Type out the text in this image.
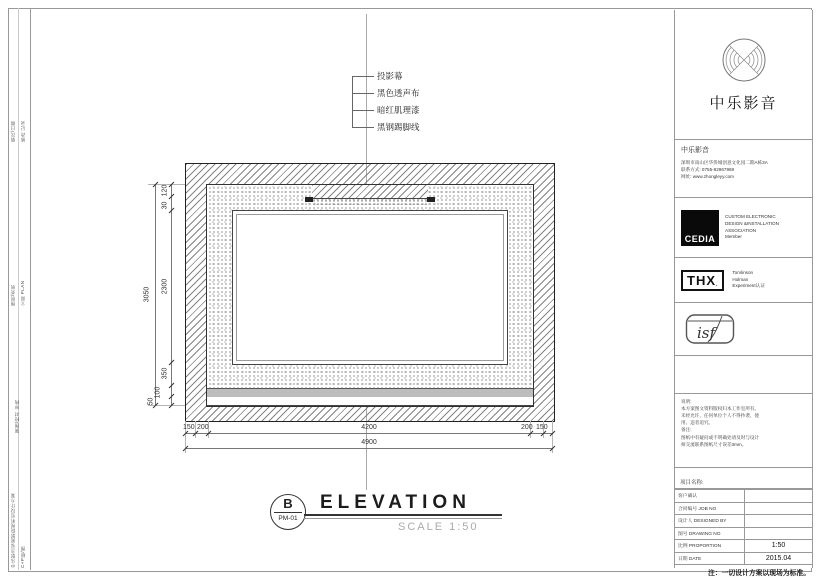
版次/日期 修改 记录
图别/类别 立面 PLAN
制图/校对 审核
中乐影音家庭影院视听室设计方案 C+P级/图
投影幕
黑色透声布
暗红肌理漆
黑钢踢脚线
3050
120
30
2300
350
100
50
150 200	4200	200 150
4900
B
PM-01
ELEVATION
SCALE 1:50
中乐影音
中乐影音
深圳市南山区华侨城创意文化园二期A栋3A
联系方式: 0755-82967969
网址: www.zhongleyy.com
CEDIA
CUSTOM ELECTRONIC
DESIGN &INSTALLATION
ASSOCIATION
Member
THX.
Tomlinson
Holman
Experiment认证
isf
说明:
本方案图文资料版权归本工作室所有。
未经允许、任何单位个人不得抄袭、使
用、违者追究。
备注:
图纸中有疑问或不明确处请及时与设计
师交流联系图纸尺寸误差3mm。
项目名称:
客户确认
合同编号 JOB NO
设计人 DESIGNED BY
图号 DRAWING NO
比例 PROPORTION	1:50
日期 DATE	2015.04
注：一切设计方案以现场为标准。
